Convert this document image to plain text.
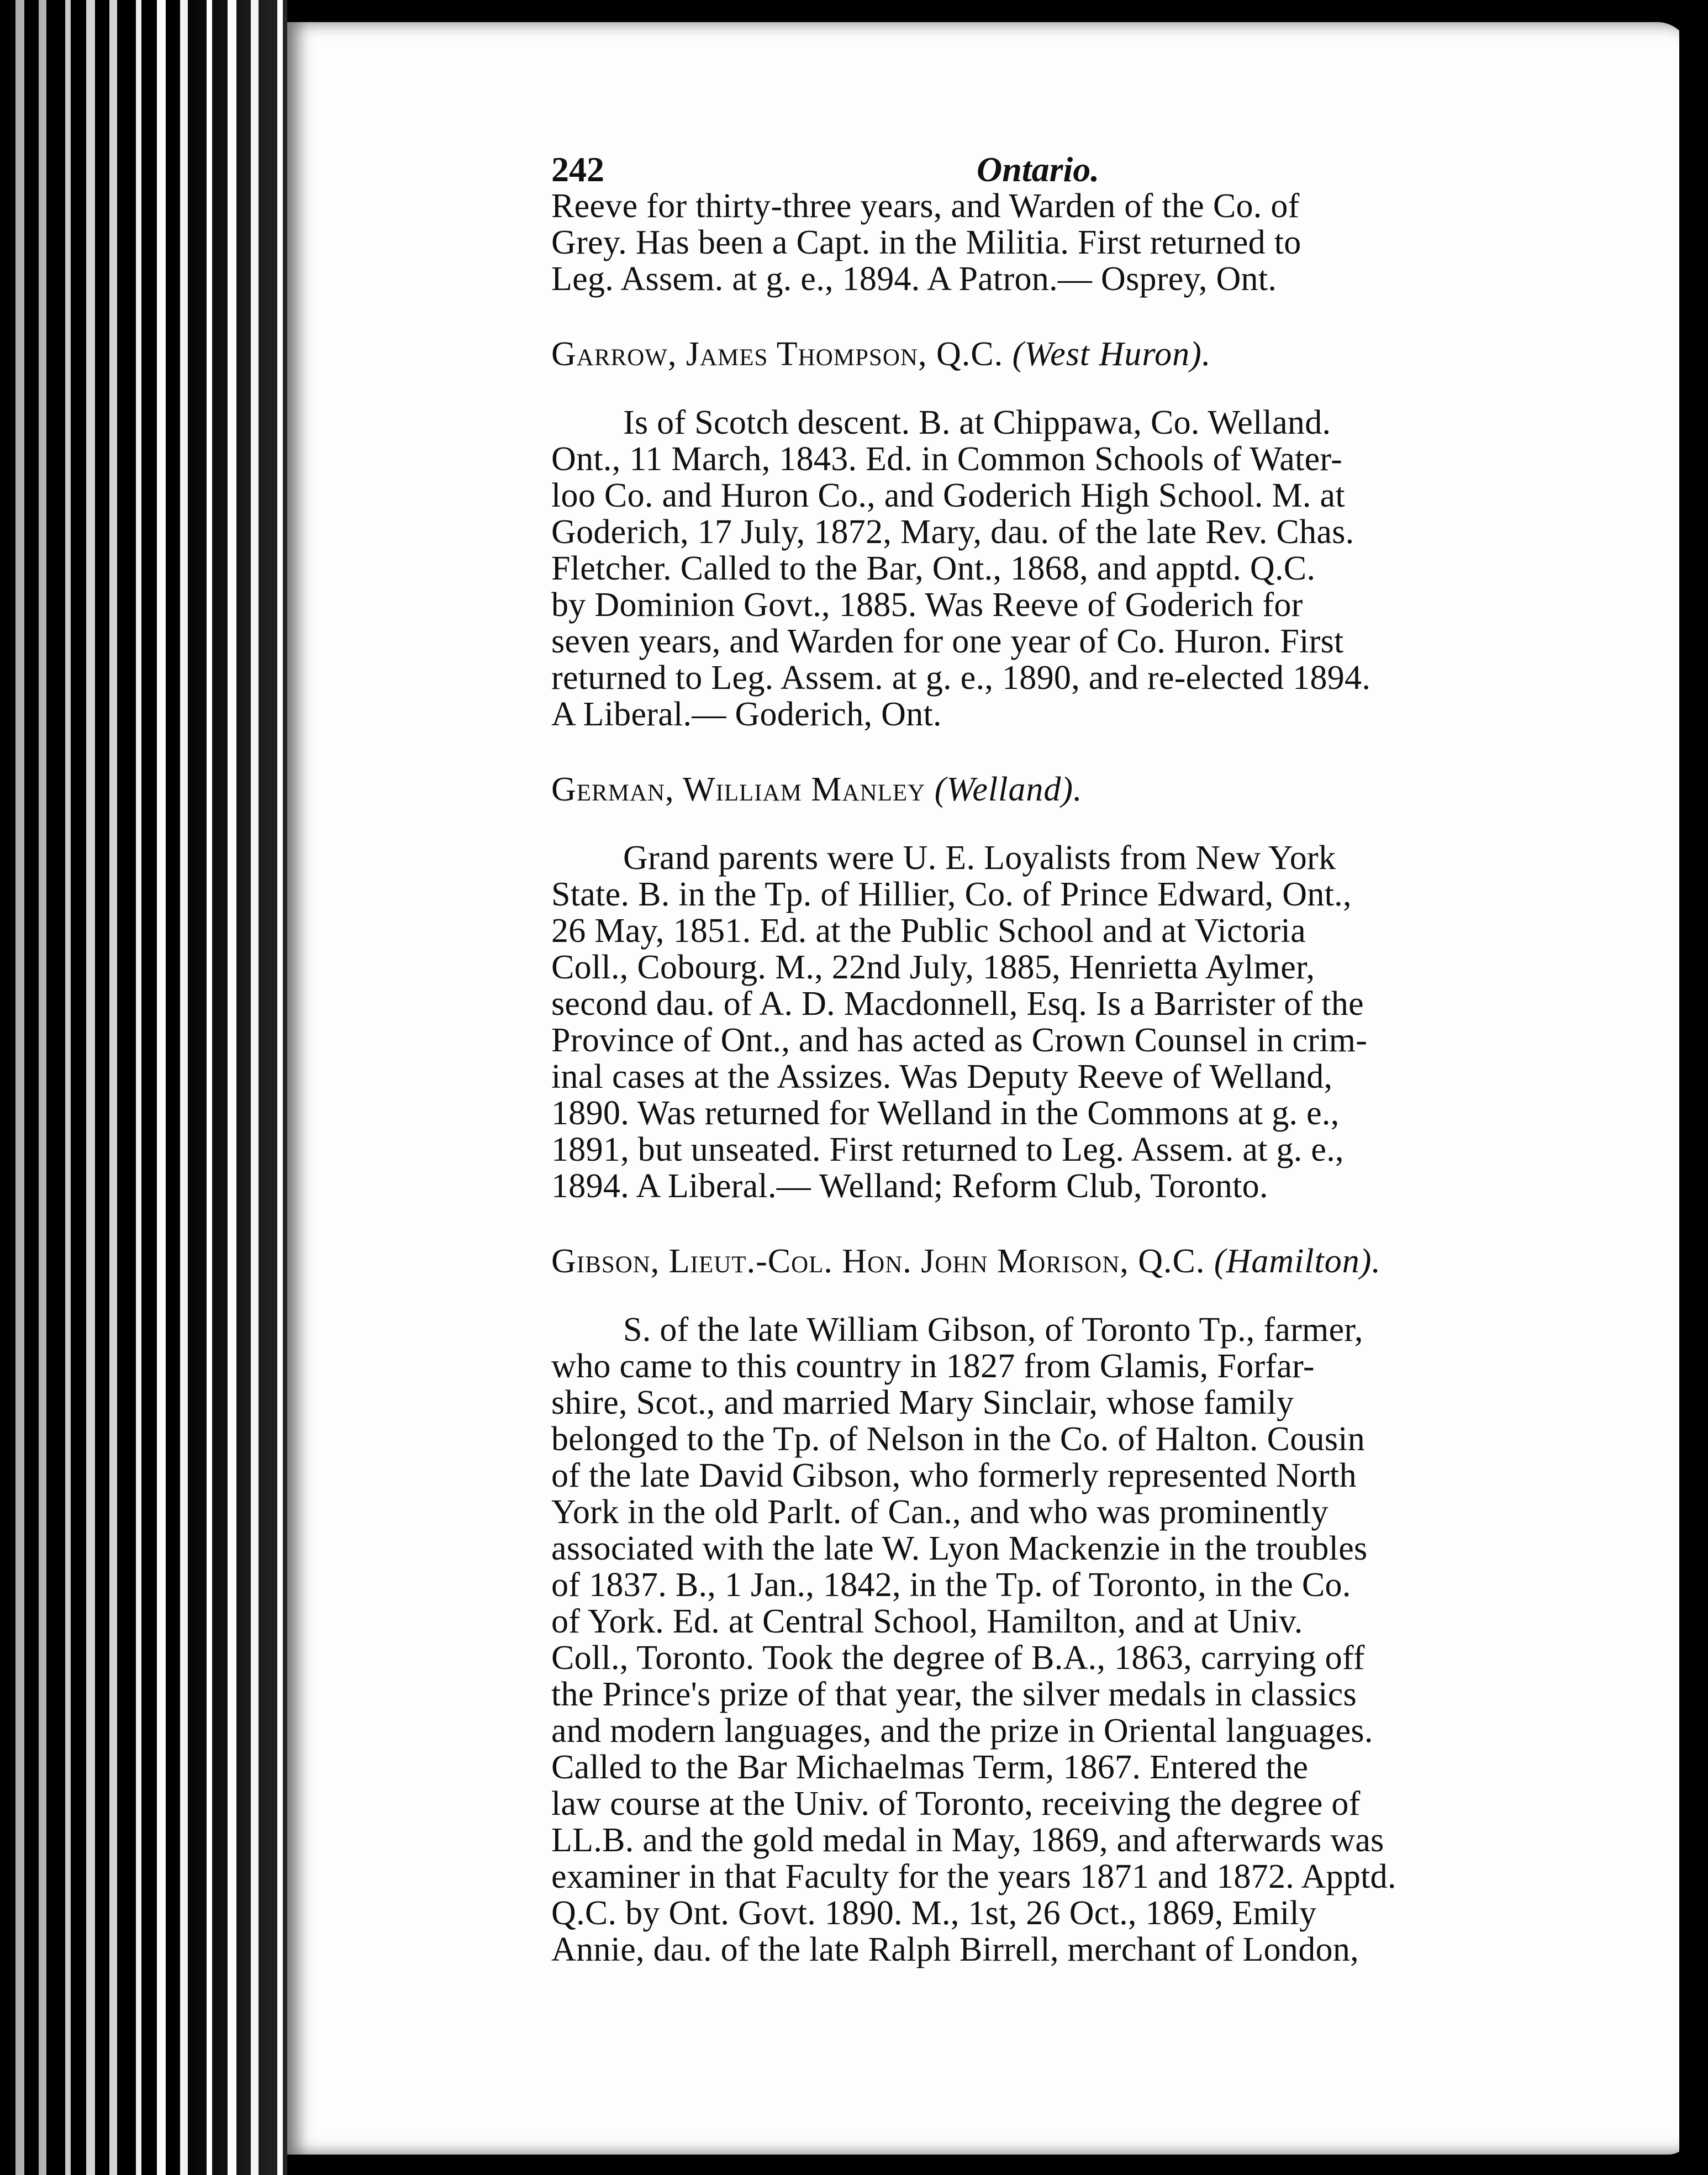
242	Ontario.
Reeve for thirty-three years, and Warden of the Co. of
Grey. Has been a Capt. in the Militia. First returned to
Leg. Assem. at g. e., 1894. A Patron.— Osprey, Ont.
Garrow, James Thompson, Q.C. (West Huron).
Is of Scotch descent. B. at Chippawa, Co. Welland.
Ont., 11 March, 1843. Ed. in Common Schools of Water-
loo Co. and Huron Co., and Goderich High School. M. at
Goderich, 17 July, 1872, Mary, dau. of the late Rev. Chas.
Fletcher. Called to the Bar, Ont., 1868, and apptd. Q.C.
by Dominion Govt., 1885. Was Reeve of Goderich for
seven years, and Warden for one year of Co. Huron. First
returned to Leg. Assem. at g. e., 1890, and re-elected 1894.
A Liberal.— Goderich, Ont.
German, William Manley (Welland).
Grand parents were U. E. Loyalists from New York
State. B. in the Tp. of Hillier, Co. of Prince Edward, Ont.,
26 May, 1851. Ed. at the Public School and at Victoria
Coll., Cobourg. M., 22nd July, 1885, Henrietta Aylmer,
second dau. of A. D. Macdonnell, Esq. Is a Barrister of the
Province of Ont., and has acted as Crown Counsel in crim-
inal cases at the Assizes. Was Deputy Reeve of Welland,
1890. Was returned for Welland in the Commons at g. e.,
1891, but unseated. First returned to Leg. Assem. at g. e.,
1894. A Liberal.— Welland; Reform Club, Toronto.
Gibson, Lieut.-Col. Hon. John Morison, Q.C. (Hamilton).
S. of the late William Gibson, of Toronto Tp., farmer,
who came to this country in 1827 from Glamis, Forfar-
shire, Scot., and married Mary Sinclair, whose family
belonged to the Tp. of Nelson in the Co. of Halton. Cousin
of the late David Gibson, who formerly represented North
York in the old Parlt. of Can., and who was prominently
associated with the late W. Lyon Mackenzie in the troubles
of 1837. B., 1 Jan., 1842, in the Tp. of Toronto, in the Co.
of York. Ed. at Central School, Hamilton, and at Univ.
Coll., Toronto. Took the degree of B.A., 1863, carrying off
the Prince's prize of that year, the silver medals in classics
and modern languages, and the prize in Oriental languages.
Called to the Bar Michaelmas Term, 1867. Entered the
law course at the Univ. of Toronto, receiving the degree of
LL.B. and the gold medal in May, 1869, and afterwards was
examiner in that Faculty for the years 1871 and 1872. Apptd.
Q.C. by Ont. Govt. 1890. M., 1st, 26 Oct., 1869, Emily
Annie, dau. of the late Ralph Birrell, merchant of London,
